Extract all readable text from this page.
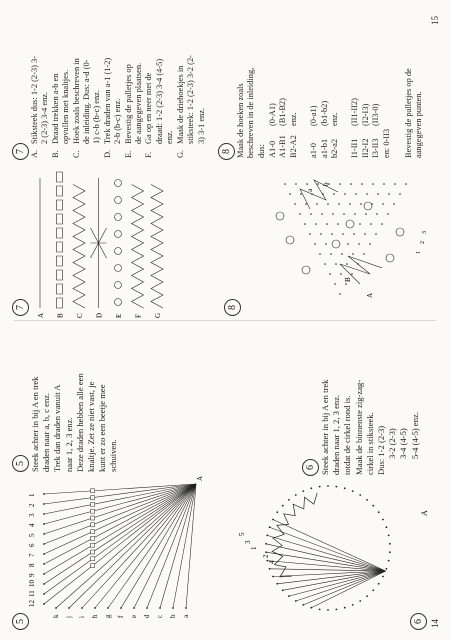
14
6
5
3
1
2
4
A
Steek achter in bij A en trek draden naar 1, 2, 3 enz. totdat de cirkel rond is. Maak de binnenste zig-zag- cirkel in stiksteek. Dus: 1-2 (2-3) 3-2 (2-3) 3-4 (4-5) 5-4 (4-5) enz.
6
5
12
11
10
9
8
7
6
5
4
3
2
1
k j i h g f e d c b a
A
5 Steek achter in bij A en trek draden naar a, b, c enz. Trek dan draden vanuit A naar 1, 2, 3 enz. Deze draden hebben alle een knaltje. Zet ze niet vast, je kunt er zo een beetje mee schuiven.
15
7
A B C D E F G
7 A.
Stiksteek dus: 1-2 (2-3) 3-
2 (2-3) 3-4 enz.
B.
Draad trekken a-b en
opvullen met knaltjes.
C.
Hoek zoals beschreven in
de inleiding. Dus: a-d (0-
1) c-b (b-c) enz.
D.
Trek draden van a-1 (1-2)
2-b (b-c) enz.
E.
Bevestig de palletjes op
de aangegeven plaatsen.
F.
Ga op en neer met de
draad: 1-2 (2-3) 3-4 (4-5)
enz.
G.
Maak de driehoekjes in
stiksteek: 1-2 (2-3) 3-2 (2-
3) 3-1 enz.
8
A
B
a
b
1
2
3
8 Maak de hoeken zoals beschreven in de inleiding, dus: A1-0
(0-A1)
A1-B1
(B1-B2)
B2-A2
enz.
a1-0
(0-a1)
a1-b1
(b1-b2)
b2-a2
enz.
I1-II1
(II1-II2)
II2-I2
(I2-I3)
I3-II3
(II3-0)
en: 0-II3 Bevestig de palletjes op de aangegeven punten.
